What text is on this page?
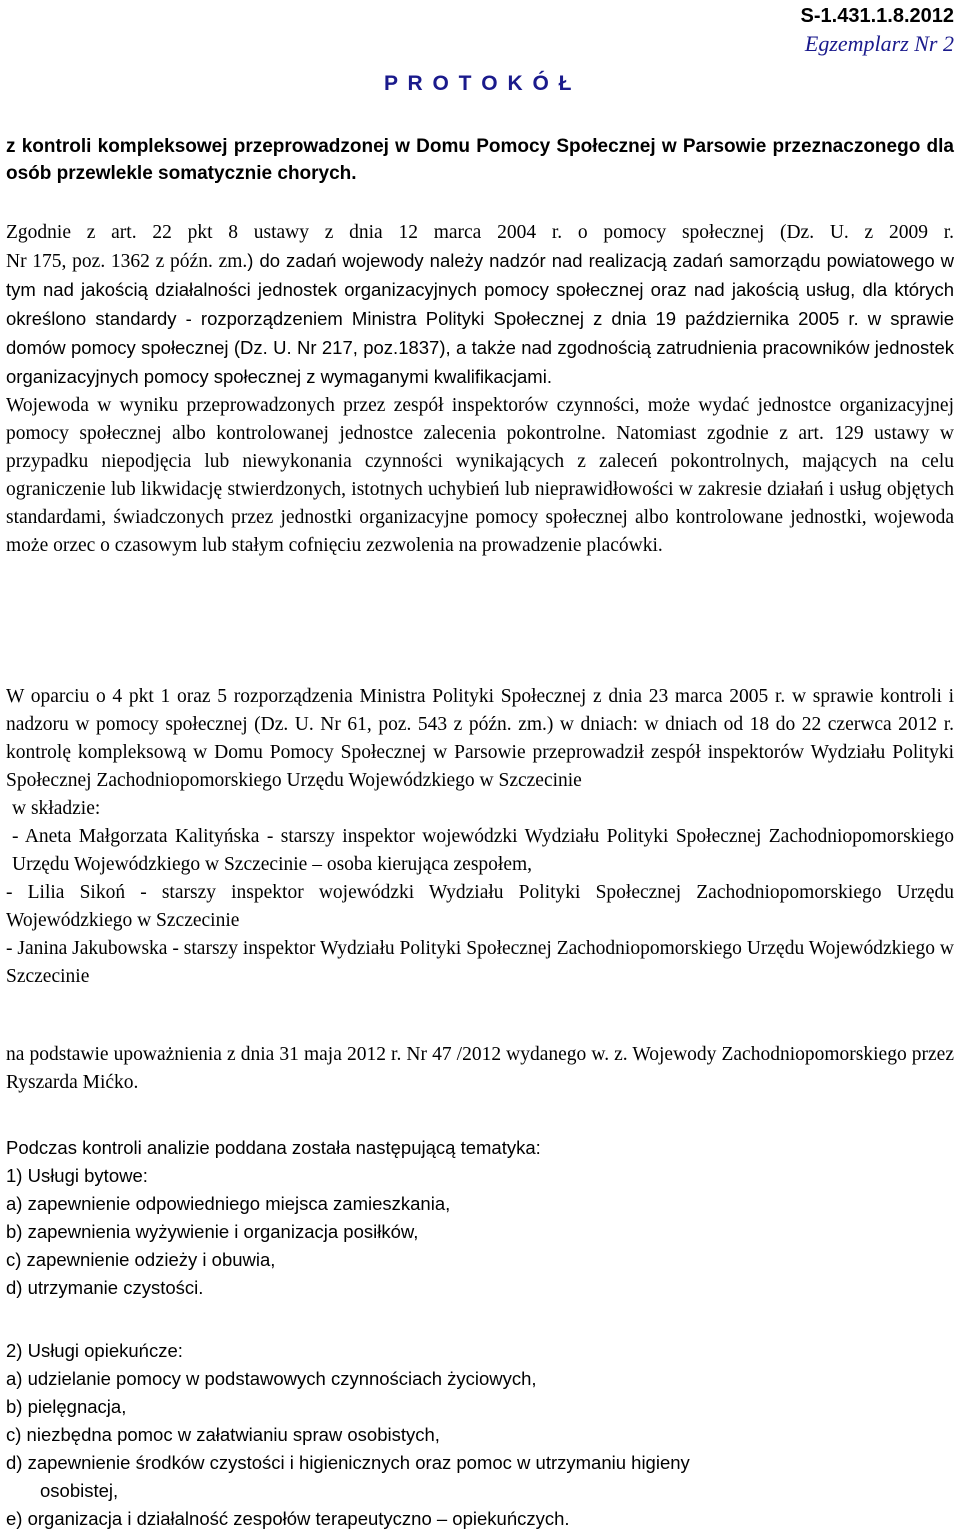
S-1.431.1.8.2012
Egzemplarz Nr 2
P R O T O K Ó Ł
z kontroli kompleksowej przeprowadzonej w Domu Pomocy Społecznej w Parsowie przeznaczonego dla osób przewlekle somatycznie chorych.
Zgodnie z art. 22 pkt 8 ustawy z dnia 12 marca 2004 r. o pomocy społecznej (Dz. U. z 2009 r.
Nr 175, poz. 1362 z późn. zm.) do zadań wojewody należy nadzór nad realizacją zadań samorządu powiatowego w tym nad jakością działalności jednostek organizacyjnych pomocy społecznej oraz nad jakością usług, dla których określono standardy - rozporządzeniem Ministra Polityki Społecznej z dnia 19 października 2005 r. w sprawie domów pomocy społecznej (Dz. U. Nr 217, poz.1837), a także nad zgodnością zatrudnienia pracowników jednostek organizacyjnych pomocy społecznej z wymaganymi kwalifikacjami.
Wojewoda w wyniku przeprowadzonych przez zespół inspektorów czynności, może wydać jednostce organizacyjnej pomocy społecznej albo kontrolowanej jednostce zalecenia pokontrolne. Natomiast zgodnie z art. 129 ustawy w przypadku niepodjęcia lub niewykonania czynności wynikających z zaleceń pokontrolnych, mających na celu ograniczenie lub likwidację stwierdzonych, istotnych uchybień lub nieprawidłowości w zakresie działań i usług objętych standardami, świadczonych przez jednostki organizacyjne pomocy społecznej albo kontrolowane jednostki, wojewoda może orzec o czasowym lub stałym cofnięciu zezwolenia na prowadzenie placówki.
W oparciu o 4 pkt 1 oraz 5 rozporządzenia Ministra Polityki Społecznej z dnia 23 marca 2005 r. w sprawie kontroli i nadzoru w pomocy społecznej (Dz. U. Nr 61, poz. 543 z późn. zm.) w dniach: w dniach od 18 do 22 czerwca 2012 r. kontrolę kompleksową w Domu Pomocy Społecznej w Parsowie przeprowadził zespół inspektorów Wydziału Polityki Społecznej Zachodniopomorskiego Urzędu Wojewódzkiego w Szczecinie
w składzie:
- Aneta Małgorzata Kalityńska - starszy inspektor wojewódzki Wydziału Polityki Społecznej Zachodniopomorskiego Urzędu Wojewódzkiego w Szczecinie – osoba kierująca zespołem,
- Lilia Sikoń - starszy inspektor wojewódzki Wydziału Polityki Społecznej Zachodniopomorskiego Urzędu Wojewódzkiego w Szczecinie
- Janina Jakubowska - starszy inspektor Wydziału Polityki Społecznej Zachodniopomorskiego Urzędu Wojewódzkiego w Szczecinie
na podstawie upoważnienia z dnia 31 maja 2012 r. Nr 47 /2012 wydanego w. z. Wojewody Zachodniopomorskiego przez Ryszarda Mićko.
Podczas kontroli analizie poddana została następującą tematyka:
1) Usługi bytowe:
a) zapewnienie odpowiedniego miejsca zamieszkania,
b) zapewnienia wyżywienie i organizacja posiłków,
c) zapewnienie odzieży i obuwia,
d) utrzymanie czystości.
2) Usługi opiekuńcze:
a) udzielanie pomocy w podstawowych czynnościach życiowych,
b) pielęgnacja,
c) niezbędna pomoc w załatwianiu spraw osobistych,
d) zapewnienie środków czystości i higienicznych oraz pomoc w utrzymaniu higieny
osobistej,
e) organizacja i działalność zespołów terapeutyczno – opiekuńczych.
